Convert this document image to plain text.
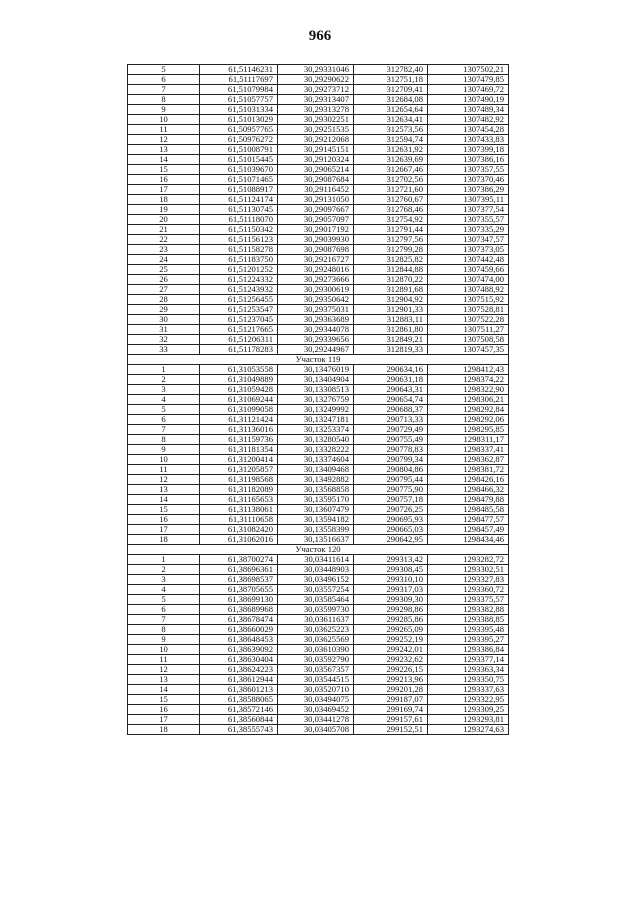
966
5	61,51146231	30,29331046	312782,40	1307502,21
6	61,51117697	30,29290622	312751,18	1307479,85
7	61,51079984	30,29273712	312709,41	1307469,72
8	61,51057757	30,29313407	312684,08	1307490,19
9	61,51031334	30,29313278	312654,64	1307489,34
10	61,51013029	30,29302251	312634,41	1307482,92
11	61,50957765	30,29251535	312573,56	1307454,28
12	61,50976272	30,29212068	312594,74	1307433,83
13	61,51008791	30,29145151	312631,92	1307399,18
14	61,51015445	30,29120324	312639,69	1307386,16
15	61,51039670	30,29065214	312667,46	1307357,55
16	61,51071465	30,29087684	312702,56	1307370,46
17	61,51088917	30,29116452	312721,60	1307386,29
18	61,51124174	30,29131050	312760,67	1307395,11
19	61,51130745	30,29097667	312768,46	1307377,54
20	61,51118070	30,29057097	312754,92	1307355,57
21	61,51150342	30,29017192	312791,44	1307335,29
22	61,51156123	30,29039930	312797,56	1307347,57
23	61,51158278	30,29087698	312799,28	1307373,05
24	61,51183750	30,29216727	312825,82	1307442,48
25	61,51201252	30,29248016	312844,88	1307459,66
26	61,51224332	30,29273666	312870,22	1307474,00
27	61,51243932	30,29300619	312891,68	1307488,92
28	61,51256455	30,29350642	312904,92	1307515,92
29	61,51253547	30,29375031	312901,33	1307528,81
30	61,51237045	30,29363689	312883,11	1307522,28
31	61,51217665	30,29344078	312861,80	1307511,27
32	61,51206311	30,29339656	312849,21	1307508,58
33	61,51178283	30,29244967	312819,33	1307457,35
Участок 119				
1	61,31053558	30,13476019	290634,16	1298412,43
2	61,31049889	30,13404904	290631,18	1298374,22
3	61,31059428	30,13308513	290643,31	1298322,90
4	61,31069244	30,13276759	290654,74	1298306,21
5	61,31099058	30,13249992	290688,37	1298292,84
6	61,31121424	30,13247181	290713,33	1298292,06
7	61,31136016	30,13253374	290729,49	1298295,85
8	61,31159736	30,13280540	290755,49	1298311,17
9	61,31181354	30,13328222	290778,83	1298337,41
10	61,31200414	30,13374604	290799,34	1298362,87
11	61,31205857	30,13409468	290804,86	1298381,72
12	61,31198568	30,13492882	290795,44	1298426,16
13	61,31182089	30,13568858	290775,90	1298466,32
14	61,31165653	30,13595170	290757,18	1298479,88
15	61,31138061	30,13607479	290726,25	1298485,58
16	61,31110658	30,13594182	290695,93	1298477,57
17	61,31082420	30,13558399	290665,03	1298457,49
18	61,31062016	30,13516637	290642,95	1298434,46
Участок 120				
1	61,38700274	30,03411614	299313,42	1293282,72
2	61,38696361	30,03448903	299308,45	1293302,51
3	61,38698537	30,03496152	299310,10	1293327,83
4	61,38705655	30,03557254	299317,03	1293360,72
5	61,38699130	30,03585464	299309,30	1293375,57
6	61,38689968	30,03599730	299298,86	1293382,88
7	61,38678474	30,03611637	299285,86	1293388,85
8	61,38660029	30,03625223	299265,09	1293395,48
9	61,38648453	30,03625569	299252,19	1293395,27
10	61,38639092	30,03610390	299242,01	1293386,84
11	61,38630404	30,03592790	299232,62	1293377,14
12	61,38624223	30,03567357	299226,15	1293363,34
13	61,38612944	30,03544515	299213,96	1293350,75
14	61,38601213	30,03520710	299201,28	1293337,63
15	61,38588065	30,03494075	299187,07	1293322,95
16	61,38572146	30,03469452	299169,74	1293309,25
17	61,38560844	30,03441278	299157,61	1293293,81
18	61,38555743	30,03405708	299152,51	1293274,63
